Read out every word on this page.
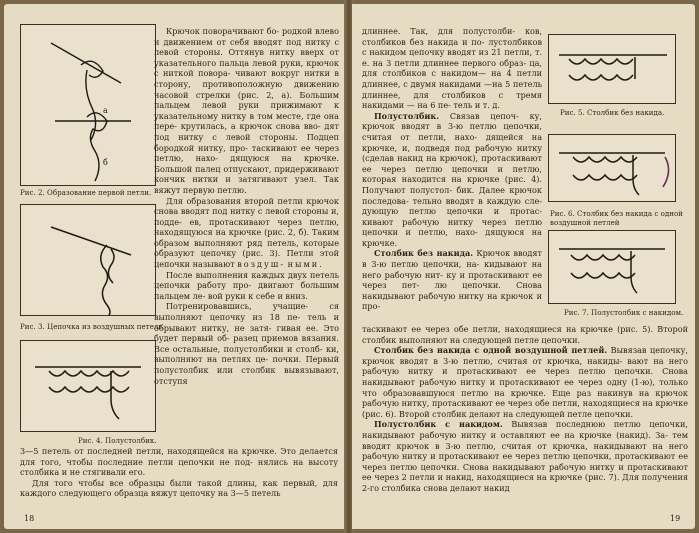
а
б
Рис. 2. Образование первой петли.
Рис. 3. Цепочка из воздушных петель.
Рис. 4. Полустолбик.

Крючок поворачивают бо- родкой влево и движением от себя вводят под нитку с левой стороны. Оттянув нитку вверх от указательного пальца левой руки, крючок с ниткой повора- чивают вокруг нитки в сторону, противоположную движению часовой стрелки (рис. 2, а). Большим пальцем левой руки прижимают к указательному нитку в том месте, где она пере- крутилась, а крючок снова вво- дят под нитку с левой стороны. Подцеп бородкой нитку, про- таскивают ее через петлю, нахо- дящуюся на крючке. Большой палец отпускают, придерживают кончик нитки и затягивают узел. Так вяжут первую петлю.

Для образования второй петли крючок снова вводят под нитку с левой стороны и, подде- ев, протаскивают через петлю, находящуюся на крючке (рис. 2, б). Таким образом выполняют ряд петель, которые образуют цепочку (рис. 3). Петли этой цепочки называют воздуш- ными.

После выполнения каждых двух петель цепочки работу про- двигают большим пальцем ле- вой руки к себе и вниз.

Потренировавшись, учащие-	ся выполняют цепочку из 18 пе- тель и обрывают нитку, не затя- гивая ее. Это будет первый об- разец приемов вязания. Все остальные, полустолбики и столб- ки, выполняют на петлях це- почки. Первый полустолбик или столбик вывязывают, отступя

3—5 петель от последней петли, находящейся на крючке. Это делается для того, чтобы последние петли цепочки не под- нялись на высоту столбика и не стягивали его.

Для того чтобы все образцы были такой длины, как первый, для каждого следующего образца вяжут цепочку на 3—5 петель

18

длиннее. Так, для полустолби- ков, столбиков без накида и по- лустолбиков с накидом цепочку вводят из 21 петли, т. е. на 3 петли длиннее первого образ- ца, для столбиков с накидом— на 4 петли длиннее, с двумя накидами —на 5 петель длиннее, для столбиков с тремя накидами — на 6 пе- тель и т. д.

Полустолбик. Связав цепоч- ку, крючок вводят в 3-ю петлю цепочки, считая от петли, нахо- дящейся на крючке, и, подведя под рабочую нитку (сделав накид на крючок), протаскивают ее через петлю цепочки и петлю, которая находится на крючке (рис. 4). Получают полустол- бик. Далее крючок последова- тельно вводят в каждую сле- дующую петлю цепочки и протас- кивают рабочую нитку через петлю цепочки и петлю, нахо- дящуюся на крючке.

Столбик без накида. Крючок вводят в 3-ю петлю цепочки, на- кидывают на него рабочую нит- ку и протаскивают ее через пет- лю цепочки. Снова накидывают рабочую нитку на крючок и про-

Рис. 5. Столбик без накида.
Рис. 6. Столбик без накида с одной воздушной петлей
Рис. 7. Полустолбик с накидом.

таскивают ее через обе петли, находящиеся на крючке (рис. 5). Второй столбик выполняют на следующей петле цепочки.

Столбик без накида с одной воздушной петлей. Вывязав цепочку, крючок вводят в 3-ю петлю, считая от крючка, накиды- вают на него рабочую нитку и протаскивают ее через петлю цепочки. Снова накидывают рабочую нитку и протаскивают ее через одну (1-ю), только что образовавшуюся петлю на крючке. Еще раз накинув на крючок рабочую нитку, протаскивают ее через обе петли, находящиеся на крючке (рис. 6). Второй столбик делают на следующей петле цепочки.

Полустолбик с накидом. Вывязав последнюю петлю цепочки, накидывают рабочую нитку и оставляют ее на крючке (накид). За- тем вводят крючок в 3-ю петлю, считая от крючка, накидывают на него рабочую нитку и протаскивают ее через петлю цепочки, протаскивают ее через петлю цепочки. Снова накидывают рабочую нитку и протаскивают ее через 2 петли и накид, находящиеся на крючке (рис. 7). Для получения 2-го столбика снова делают накид

19
